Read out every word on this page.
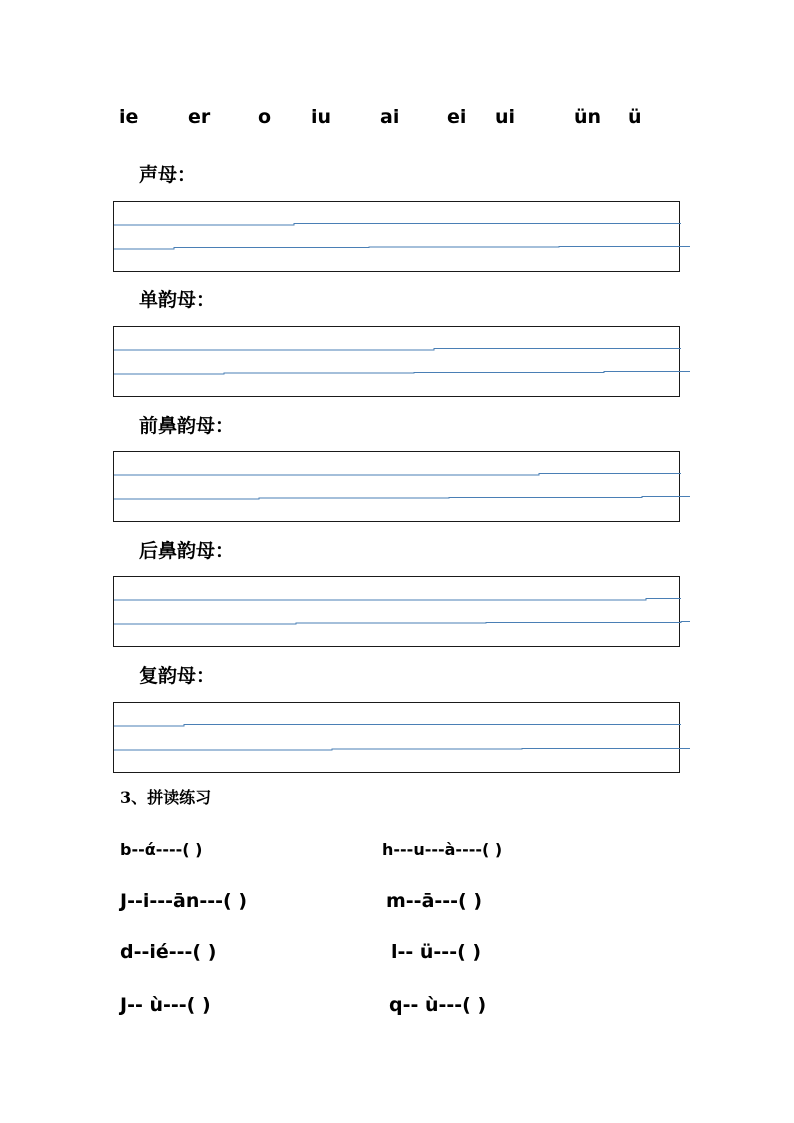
ie	er	o iu	ai	ei ui	ün ü
声母：
单韵母：
前鼻韵母：
后鼻韵母：
复韵母：
3、拼读练习
b--ά----( )	h---u---à----( )
J--i---ān---( )	m--ā---( )
d--ié---( )	l-- ü---( )
J-- ù---( )	q-- ù---( )
